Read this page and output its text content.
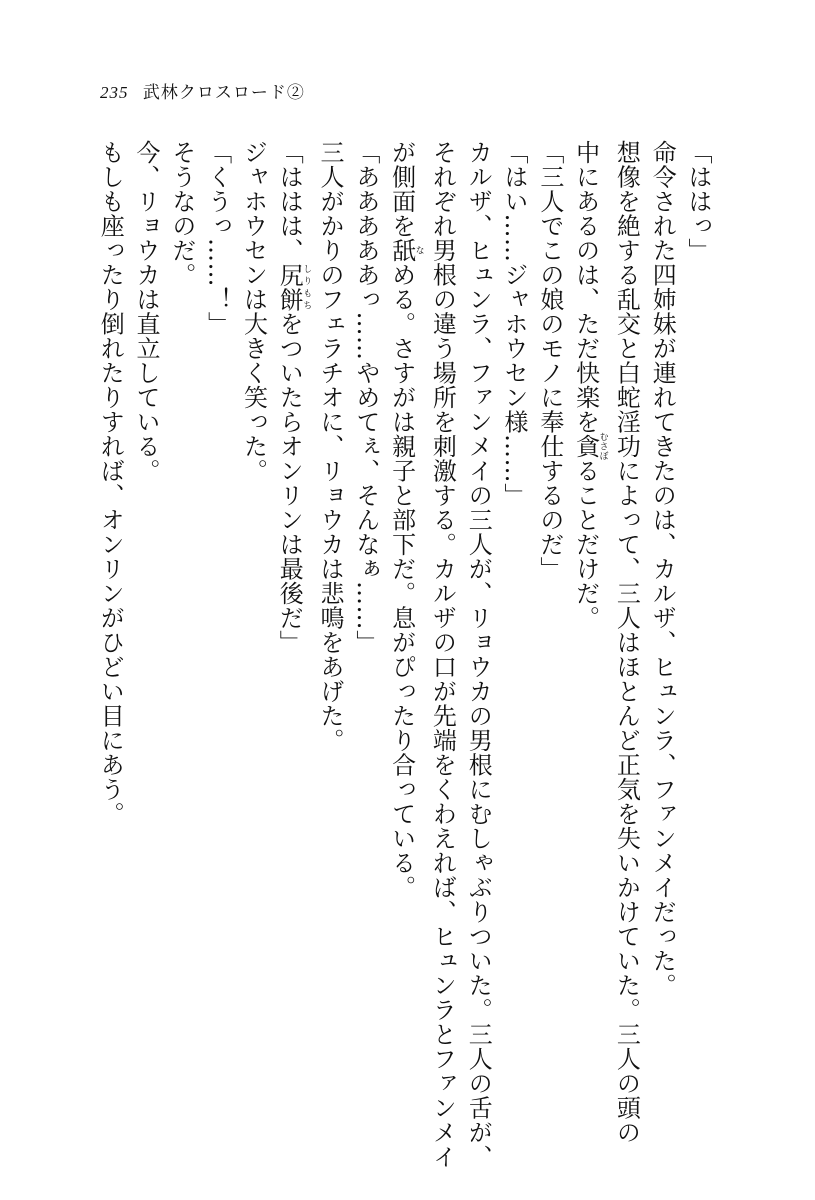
235 武林クロスロード②

「ははっ」

命令された四姉妹が連れてきたのは、カルザ、ヒュンラ、ファンメイだった。

想像を絶する乱交と白蛇淫功によって、三人はほとんど正気を失いかけていた。三人の頭の

中にあるのは、ただ快楽を貪むさぼることだけだ。

「三人でこの娘のモノに奉仕するのだ」

「はい……ジャホウセン様……」

カルザ、ヒュンラ、ファンメイの三人が、リョウカの男根にむしゃぶりついた。三人の舌が、

それぞれ男根の違う場所を刺激する。カルザの口が先端をくわえれば、ヒュンラとファンメイ

が側面を舐なめる。さすがは親子と部下だ。息がぴったり合っている。

「あああああっ……やめてぇ、そんなぁ……」

三人がかりのフェラチオに、リョウカは悲鳴をあげた。

「ははは、尻餅しりもちをついたらオンリンは最後だ」

ジャホウセンは大きく笑った。

「くうっ……！」

そうなのだ。

今、リョウカは直立している。

もしも座ったり倒れたりすれば、オンリンがひどい目にあう。
